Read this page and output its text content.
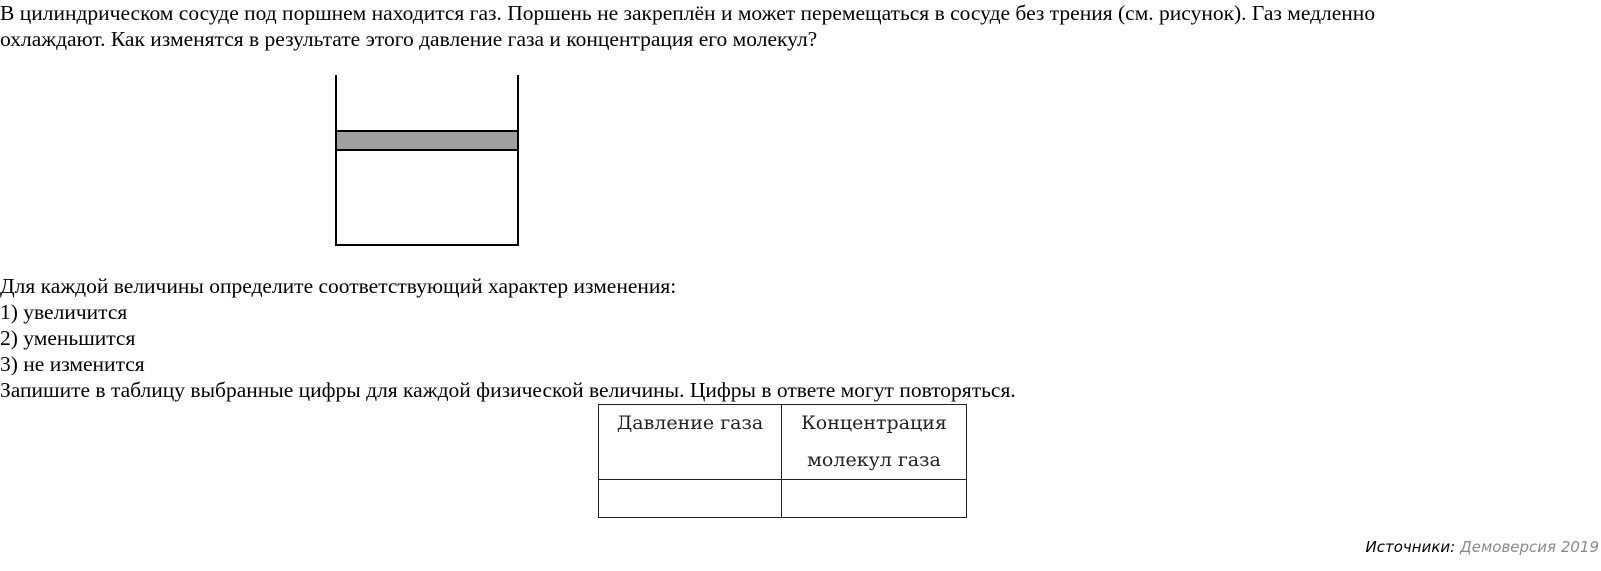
В цилиндрическом сосуде под поршнем находится газ. Поршень не закреплён и может перемещаться в сосуде без трения (см. рисунок). Газ медленно

охлаждают. Как изменятся в результате этого давление газа и концентрация его молекул?

Для каждой величины определите соответствующий характер изменения:

1) увеличится

2) уменьшится

3) не изменится

Запишите в таблицу выбранные цифры для каждой физической величины. Цифры в ответе могут повторяться.

Давление газа	Концентрация
молекул газа

Источники: Демоверсия 2019
